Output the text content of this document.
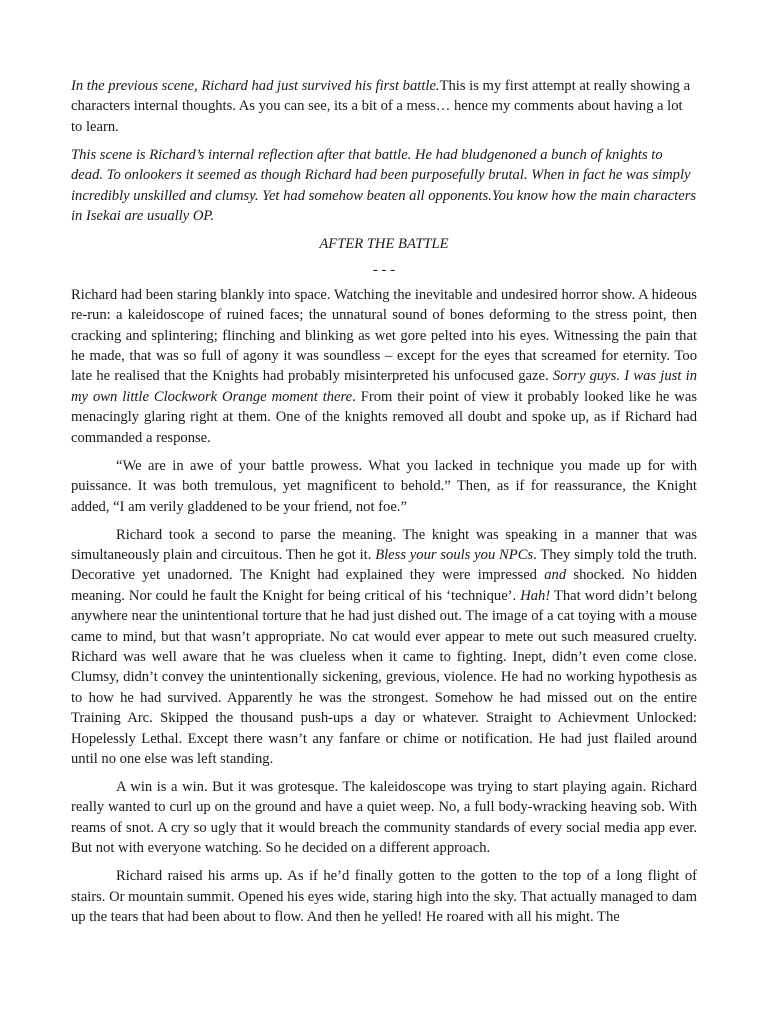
In the previous scene, Richard had just survived his first battle.This is my first attempt at really showing a characters internal thoughts. As you can see, its a bit of a mess… hence my comments about having a lot to learn.

This scene is Richard’s internal reflection after that battle. He had bludgenoned a bunch of knights to dead. To onlookers it seemed as though Richard had been purposefully brutal. When in fact he was simply incredibly unskilled and clumsy. Yet had somehow beaten all opponents.You know how the main characters in Isekai are usually OP.

AFTER THE BATTLE

- - -

Richard had been staring blankly into space. Watching the inevitable and undesired horror show. A hideous re-run: a kaleidoscope of ruined faces; the unnatural sound of bones deforming to the stress point, then cracking and splintering; flinching and blinking as wet gore pelted into his eyes. Witnessing the pain that he made, that was so full of agony it was soundless – except for the eyes that screamed for eternity. Too late he realised that the Knights had probably misinterpreted his unfocused gaze. Sorry guys. I was just in my own little Clockwork Orange moment there. From their point of view it probably looked like he was menacingly glaring right at them. One of the knights removed all doubt and spoke up, as if Richard had commanded a response.

“We are in awe of your battle prowess. What you lacked in technique you made up for with puissance. It was both tremulous, yet magnificent to behold.” Then, as if for reassurance, the Knight added, “I am verily gladdened to be your friend, not foe.”

Richard took a second to parse the meaning. The knight was speaking in a manner that was simultaneously plain and circuitous. Then he got it. Bless your souls you NPCs. They simply told the truth. Decorative yet unadorned. The Knight had explained they were impressed and shocked. No hidden meaning. Nor could he fault the Knight for being critical of his ‘technique’. Hah! That word didn’t belong anywhere near the unintentional torture that he had just dished out. The image of a cat toying with a mouse came to mind, but that wasn’t appropriate. No cat would ever appear to mete out such measured cruelty. Richard was well aware that he was clueless when it came to fighting. Inept, didn’t even come close. Clumsy, didn’t convey the unintentionally sickening, grevious, violence. He had no working hypothesis as to how he had survived. Apparently he was the strongest. Somehow he had missed out on the entire Training Arc. Skipped the thousand push-ups a day or whatever. Straight to Achievment Unlocked: Hopelessly Lethal. Except there wasn’t any fanfare or chime or notification. He had just flailed around until no one else was left standing.

A win is a win. But it was grotesque. The kaleidoscope was trying to start playing again. Richard really wanted to curl up on the ground and have a quiet weep. No, a full body-wracking heaving sob. With reams of snot. A cry so ugly that it would breach the community standards of every social media app ever. But not with everyone watching. So he decided on a different approach.

Richard raised his arms up. As if he’d finally gotten to the gotten to the top of a long flight of stairs. Or mountain summit. Opened his eyes wide, staring high into the sky. That actually managed to dam up the tears that had been about to flow. And then he yelled! He roared with all his might. The
